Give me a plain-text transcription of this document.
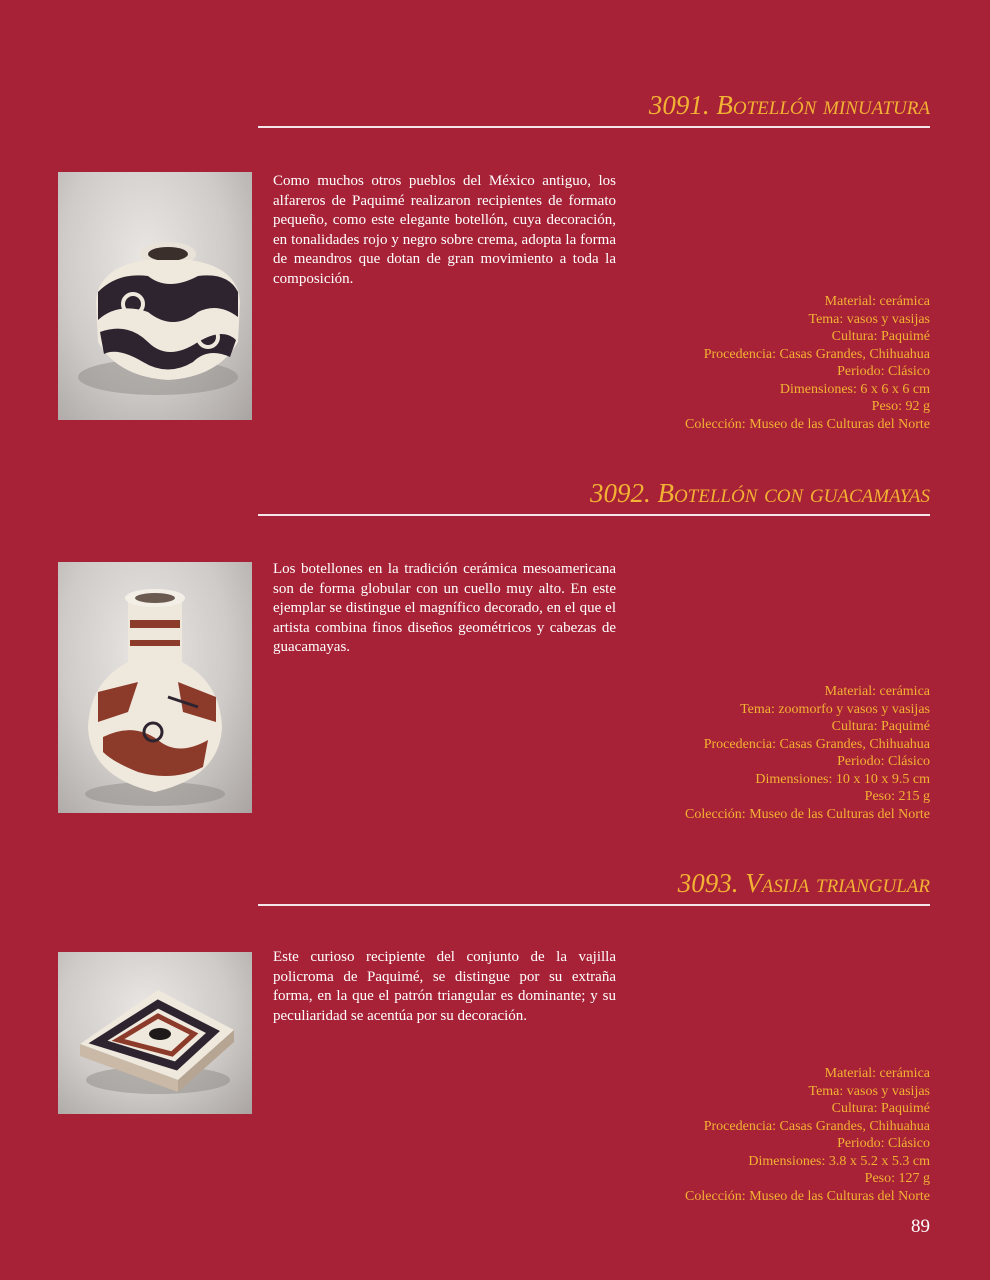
3091. Botellón minuatura

Como muchos otros pueblos del México antiguo, los alfareros de Paquimé realizaron recipientes de formato pequeño, como este elegante botellón, cuya decoración, en tonalidades rojo y negro sobre crema, adopta la forma de meandros que dotan de gran movimiento a toda la composición.

Material: cerámica
Tema: vasos y vasijas
Cultura: Paquimé
Procedencia: Casas Grandes, Chihuahua
Periodo: Clásico
Dimensiones: 6 x 6 x 6 cm
Peso: 92 g
Colección: Museo de las Culturas del Norte
3092. Botellón con guacamayas

Los botellones en la tradición cerámica mesoamericana son de forma globular con un cuello muy alto. En este ejemplar se distingue el magnífico decorado, en el que el artista combina finos diseños geométricos y cabezas de guacamayas.

Material: cerámica
Tema: zoomorfo y vasos y vasijas
Cultura: Paquimé
Procedencia: Casas Grandes, Chihuahua
Periodo: Clásico
Dimensiones: 10 x 10 x 9.5 cm
Peso: 215 g
Colección: Museo de las Culturas del Norte
3093. Vasija triangular

Este curioso recipiente del conjunto de la vajilla policroma de Paquimé, se distingue por su extraña forma, en la que el patrón triangular es dominante; y su peculiaridad se acentúa por su decoración.

Material: cerámica
Tema: vasos y vasijas
Cultura: Paquimé
Procedencia: Casas Grandes, Chihuahua
Periodo: Clásico
Dimensiones: 3.8 x 5.2 x 5.3 cm
Peso: 127 g
Colección: Museo de las Culturas del Norte
89
